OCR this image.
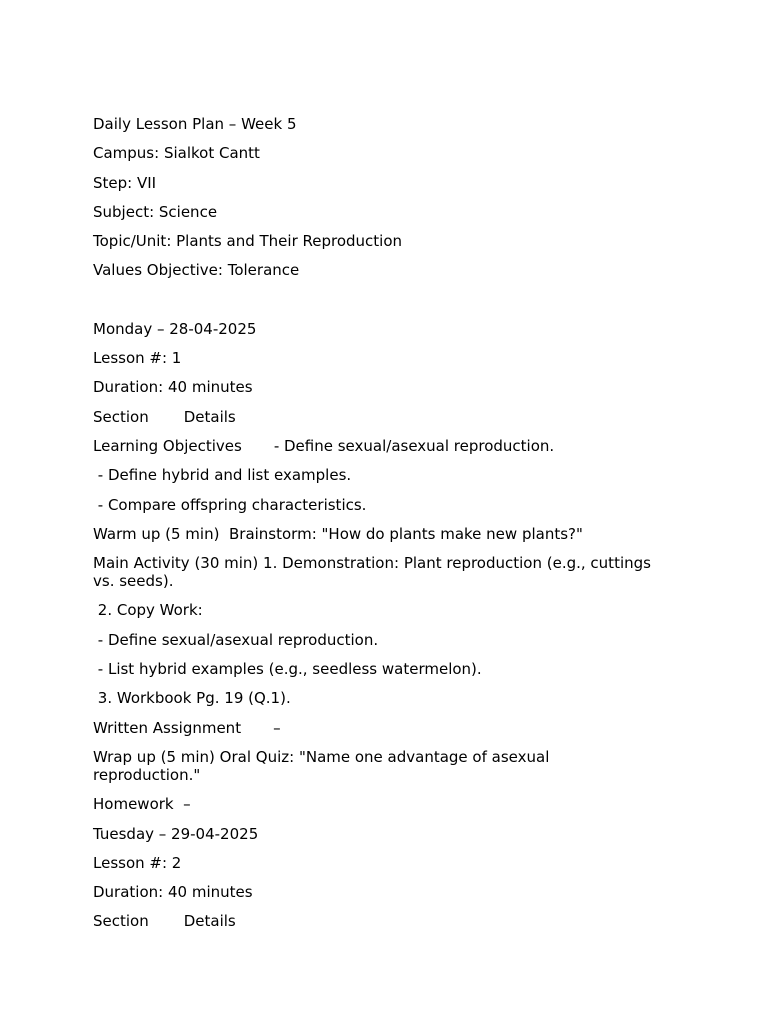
Daily Lesson Plan – Week 5
Campus: Sialkot Cantt
Step: VII
Subject: Science
Topic/Unit: Plants and Their Reproduction
Values Objective: Tolerance
Monday – 28-04-2025
Lesson #: 1
Duration: 40 minutes
Section Details
Learning Objectives - Define sexual/asexual reproduction.
- Define hybrid and list examples.
- Compare offspring characteristics.
Warm up (5 min)  Brainstorm: "How do plants make new plants?"
Main Activity (30 min) 1. Demonstration: Plant reproduction (e.g., cuttings vs. seeds).
2. Copy Work:
- Define sexual/asexual reproduction.
- List hybrid examples (e.g., seedless watermelon).
3. Workbook Pg. 19 (Q.1).
Written Assignment –
Wrap up (5 min) Oral Quiz: "Name one advantage of asexual reproduction."
Homework  –
Tuesday – 29-04-2025
Lesson #: 2
Duration: 40 minutes
Section Details
